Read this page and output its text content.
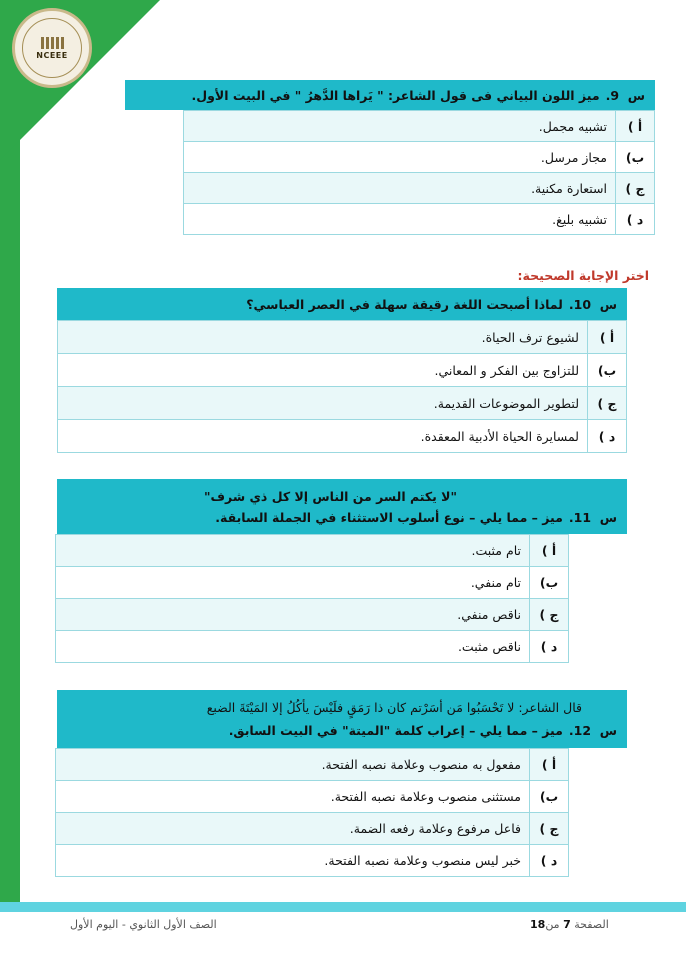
NCEEE
س  9.
ميز اللون البياني فى قول الشاعر: " يَراها الدَّهرُ " في البيت الأول.
أ )
تشبيه مجمل.
ب)
مجاز مرسل.
ج )
استعارة مكنية.
د )
تشبيه بليغ.
اختر الإجابة الصحيحة:
س  10.
لماذا أصبحت اللغة رقيقة سهلة في العصر العباسي؟
أ )
لشيوع ترف الحياة.
ب)
للتزاوج بين الفكر و المعاني.
ج )
لتطوير الموضوعات القديمة.
د )
لمسايرة الحياة الأدبية المعقدة.
"لا يكتم السر من الناس إلا كل ذي شرف"
س  11.
ميز – مما يلي – نوع أسلوب الاستثناء في الجملة السابقة.
أ )
تام مثبت.
ب)
تام منفي.
ج )
ناقص منفي.
د )
ناقص مثبت.
قال الشاعر: لا تَحْسَبُوا مَن أسَرْتم كان ذا رَمَقٍ فلَيْسَ يأكُلُ إلا المَيْتَةَ الضبع
س  12.
ميز – مما يلي – إعراب كلمة "الميتة" في البيت السابق.
أ )
مفعول به منصوب وعلامة نصبه الفتحة.
ب)
مستثنى منصوب وعلامة نصبه الفتحة.
ج )
فاعل مرفوع وعلامة رفعه الضمة.
د )
خبر ليس منصوب وعلامة نصبه الفتحة.
الصف الأول الثانوي - اليوم الأول	الصفحة 7 من18
